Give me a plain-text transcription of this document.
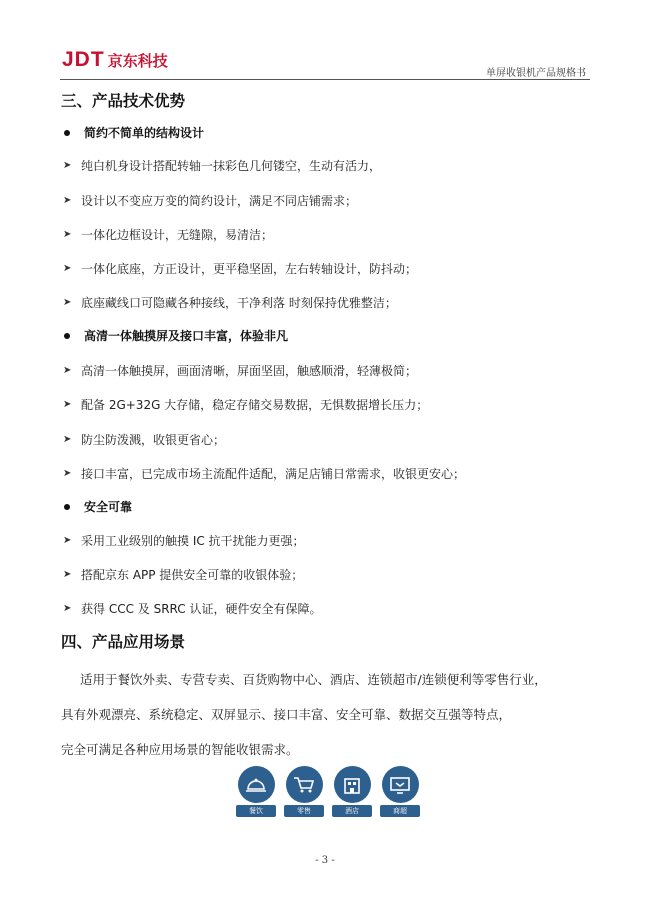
JDT 京东科技
单屏收银机产品规格书
三、产品技术优势
简约不简单的结构设计
➤ 纯白机身设计搭配转轴一抹彩色几何镂空，生动有活力，
➤ 设计以不变应万变的简约设计，满足不同店铺需求；
➤ 一体化边框设计，无缝隙，易清洁；
➤ 一体化底座，方正设计，更平稳坚固，左右转轴设计，防抖动；
➤ 底座藏线口可隐藏各种接线，干净利落 时刻保持优雅整洁；
高清一体触摸屏及接口丰富，体验非凡
➤ 高清一体触摸屏，画面清晰，屏面坚固，触感顺滑，轻薄极简；
➤ 配备 2G+32G 大存储，稳定存储交易数据，无惧数据增长压力；
➤ 防尘防泼溅，收银更省心；
➤ 接口丰富，已完成市场主流配件适配，满足店铺日常需求，收银更安心；
安全可靠
➤ 采用工业级别的触摸 IC 抗干扰能力更强；
➤ 搭配京东 APP 提供安全可靠的收银体验；
➤ 获得 CCC 及 SRRC 认证，硬件安全有保障。
四、产品应用场景
适用于餐饮外卖、专营专卖、百货购物中心、酒店、连锁超市/连锁便利等零售行业，
具有外观漂亮、系统稳定、双屏显示、接口丰富、安全可靠、数据交互强等特点，
完全可满足各种应用场景的智能收银需求。
餐饮	零售	酒店	商超
- 3 -
